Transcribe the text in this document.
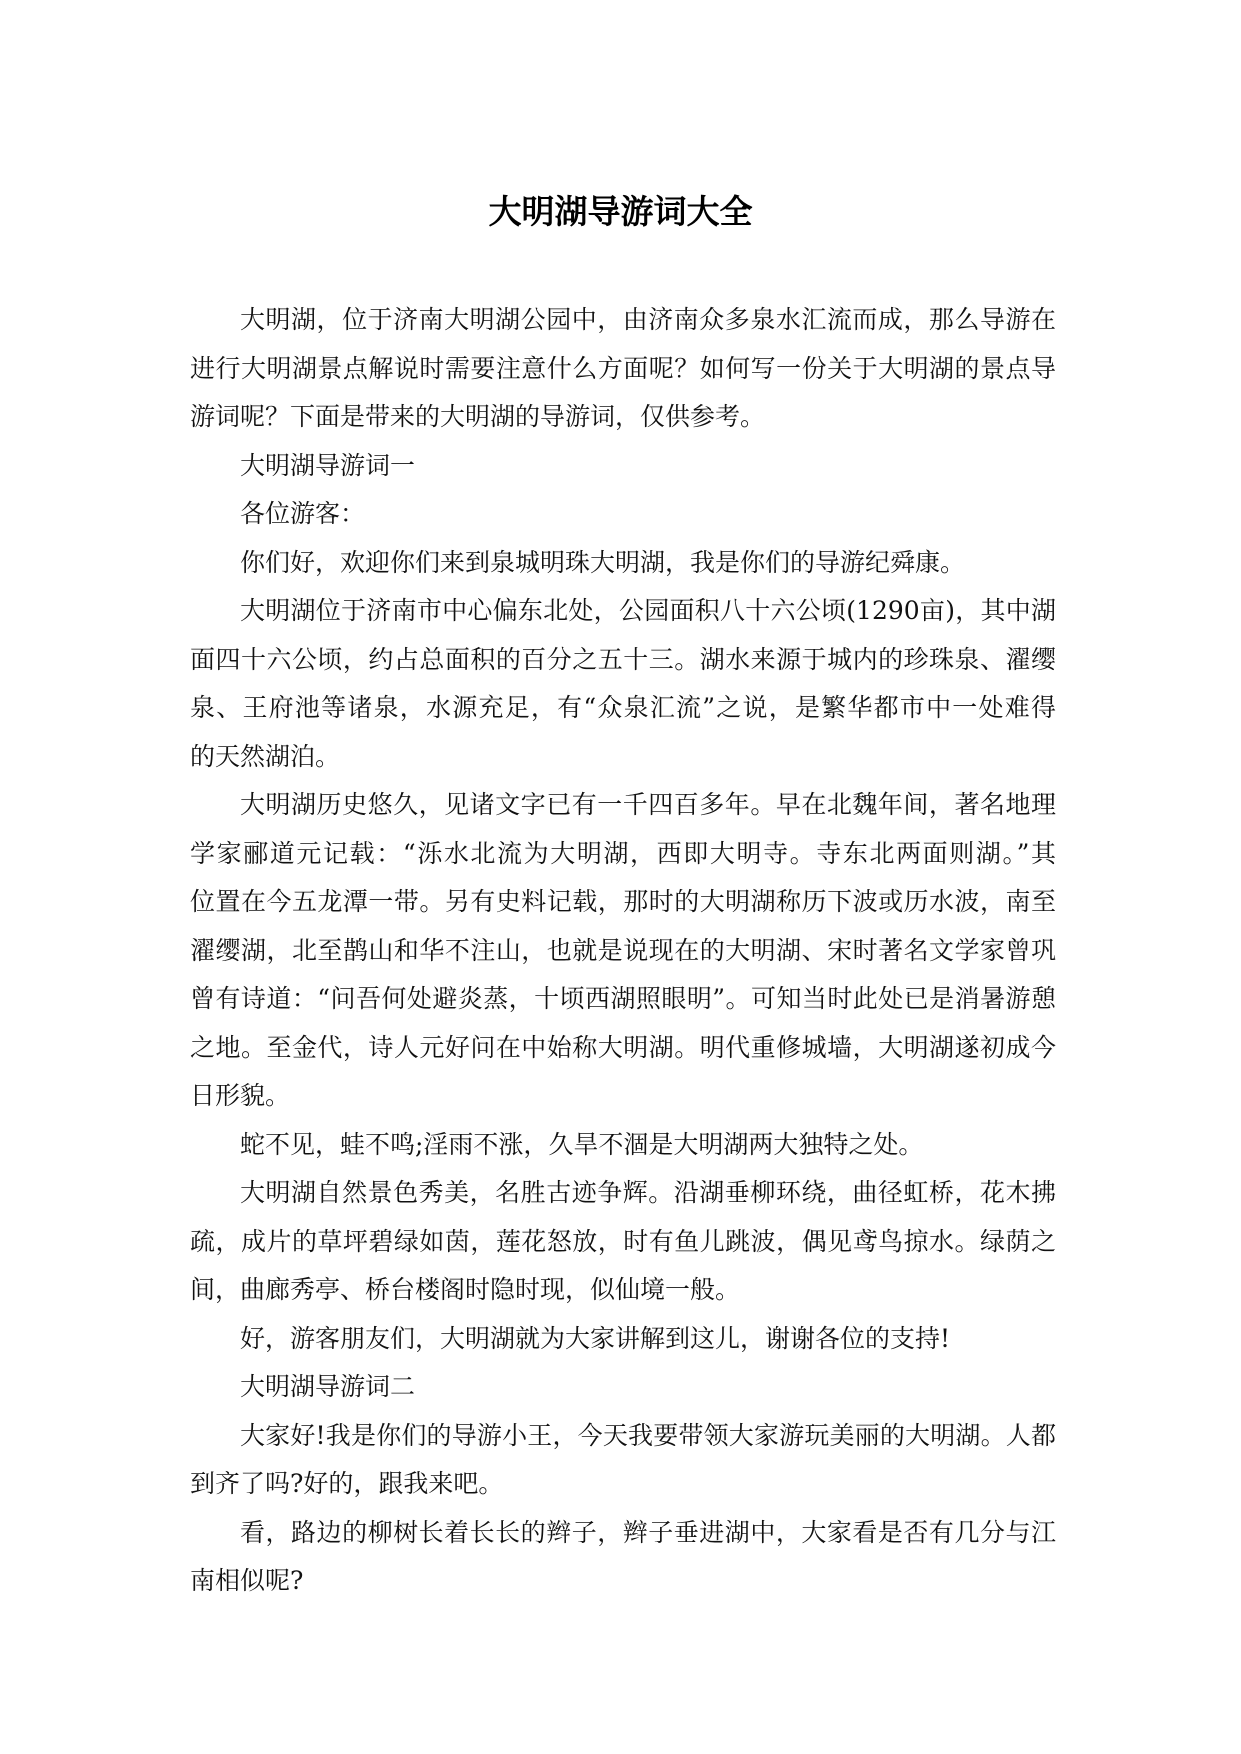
大明湖导游词大全

大明湖，位于济南大明湖公园中，由济南众多泉水汇流而成，那么导游在
进行大明湖景点解说时需要注意什么方面呢？如何写一份关于大明湖的景点导
游词呢？下面是带来的大明湖的导游词，仅供参考。

大明湖导游词一

各位游客：

你们好，欢迎你们来到泉城明珠大明湖，我是你们的导游纪舜康。

大明湖位于济南市中心偏东北处，公园面积八十六公顷(1290亩)，其中湖
面四十六公顷，约占总面积的百分之五十三。湖水来源于城内的珍珠泉、濯缨
泉、王府池等诸泉，水源充足，有“众泉汇流”之说，是繁华都市中一处难得
的天然湖泊。

大明湖历史悠久，见诸文字已有一千四百多年。早在北魏年间，著名地理
学家郦道元记载：“泺水北流为大明湖，西即大明寺。寺东北两面则湖。”其
位置在今五龙潭一带。另有史料记载，那时的大明湖称历下波或历水波，南至
濯缨湖，北至鹊山和华不注山，也就是说现在的大明湖、宋时著名文学家曾巩
曾有诗道：“问吾何处避炎蒸，十顷西湖照眼明”。可知当时此处已是消暑游憩
之地。至金代，诗人元好问在中始称大明湖。明代重修城墙，大明湖遂初成今
日形貌。

蛇不见，蛙不鸣;淫雨不涨，久旱不涸是大明湖两大独特之处。

大明湖自然景色秀美，名胜古迹争辉。沿湖垂柳环绕，曲径虹桥，花木拂
疏，成片的草坪碧绿如茵，莲花怒放，时有鱼儿跳波，偶见鸢鸟掠水。绿荫之
间，曲廊秀亭、桥台楼阁时隐时现，似仙境一般。

好，游客朋友们，大明湖就为大家讲解到这儿，谢谢各位的支持!

大明湖导游词二

大家好!我是你们的导游小王，今天我要带领大家游玩美丽的大明湖。人都
到齐了吗?好的，跟我来吧。

看，路边的柳树长着长长的辫子，辫子垂进湖中，大家看是否有几分与江
南相似呢?
